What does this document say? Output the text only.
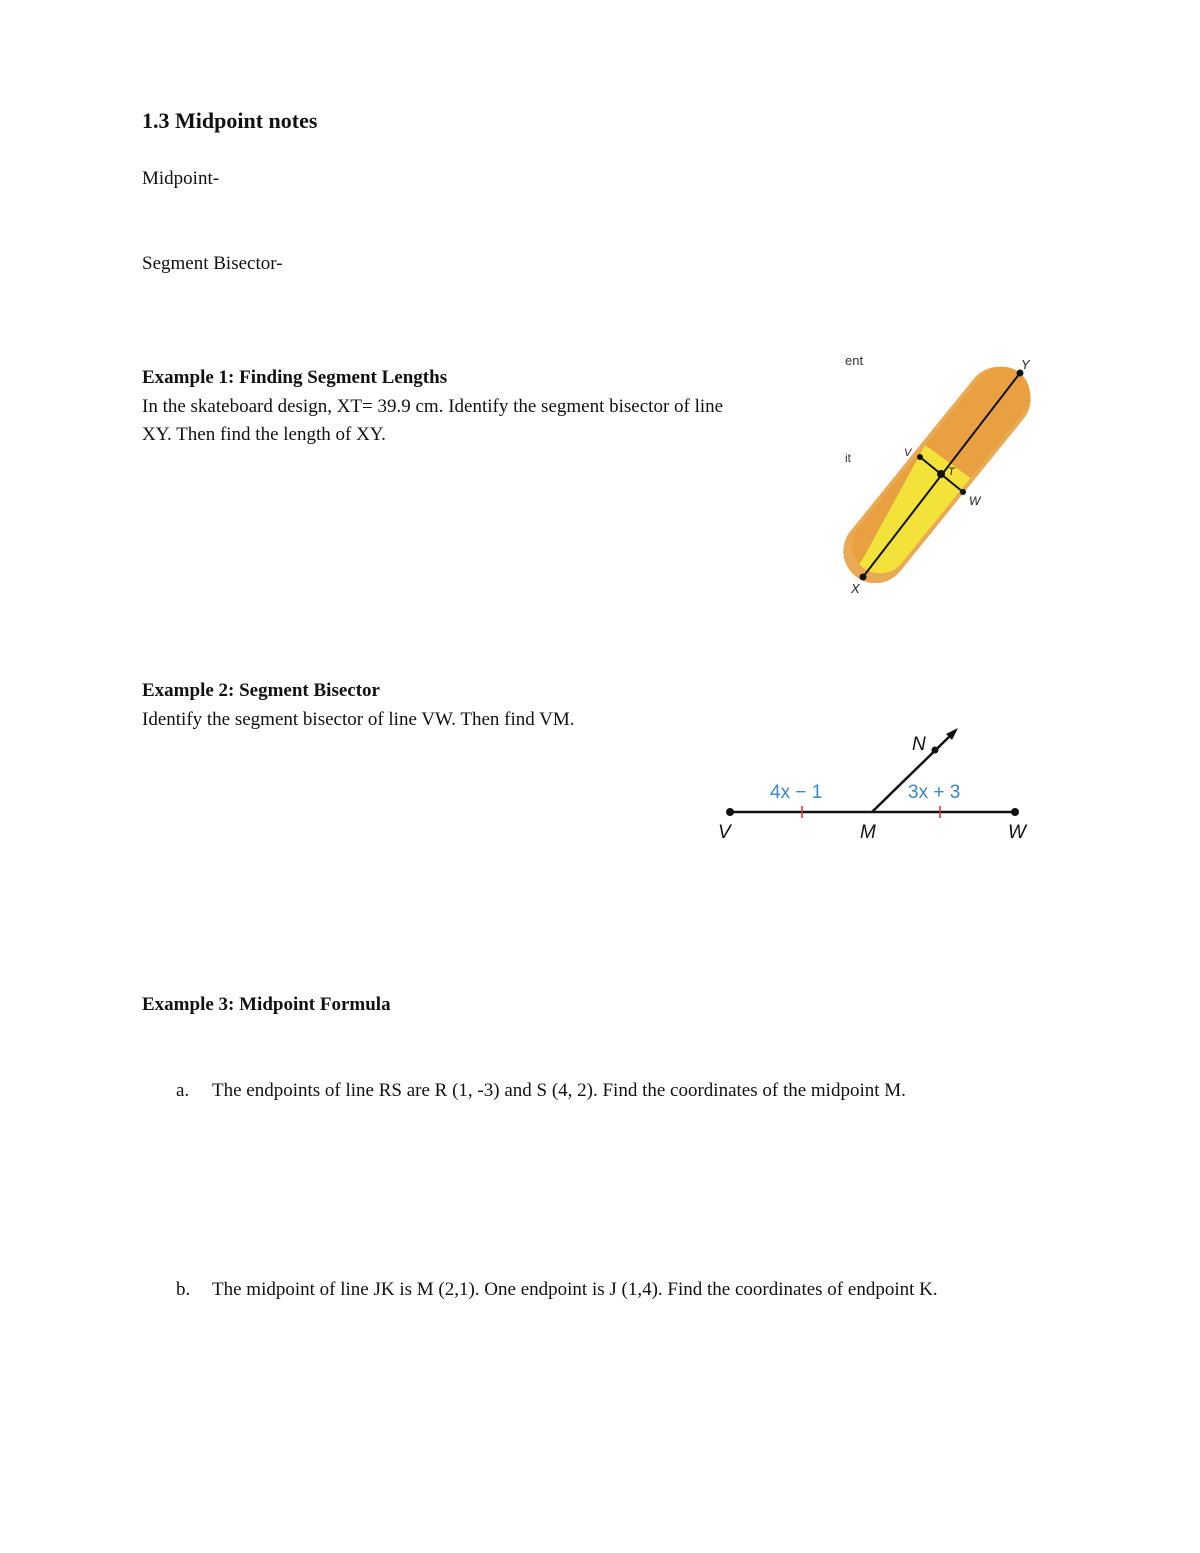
1.3 Midpoint notes
Midpoint-
Segment Bisector-
Example 1: Finding Segment Lengths
In the skateboard design, XT= 39.9 cm. Identify the segment bisector of line
XY. Then find the length of XY.
ent
it
Y
X
V
T
W
Example 2: Segment Bisector
Identify the segment bisector of line VW. Then find VM.
4x − 1	3x + 3
V	M	W
N
Example 3: Midpoint Formula
a. The endpoints of line RS are R (1, -3) and S (4, 2). Find the coordinates of the midpoint M.
b. The midpoint of line JK is M (2,1). One endpoint is J (1,4). Find the coordinates of endpoint K.
